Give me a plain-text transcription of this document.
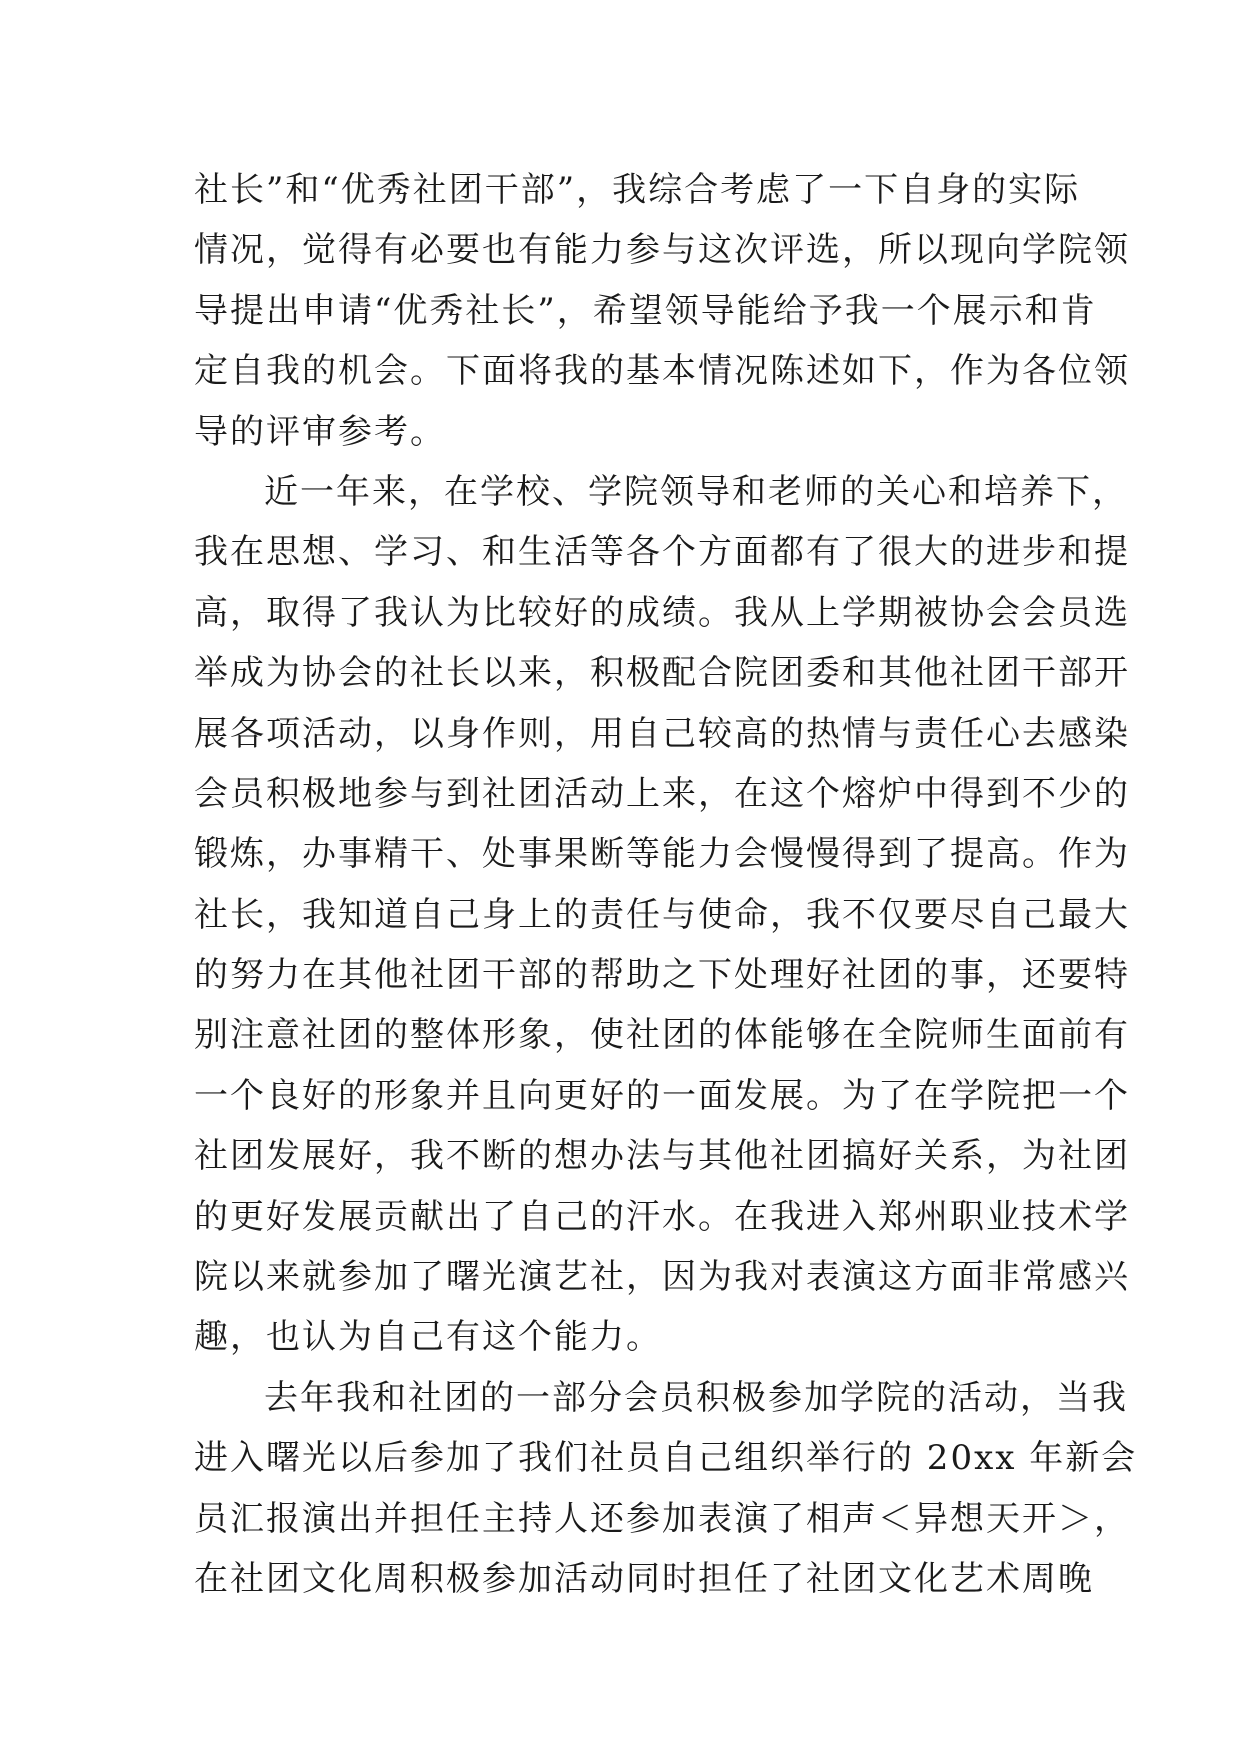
社长”和“优秀社团干部”，我综合考虑了一下自身的实际
情况，觉得有必要也有能力参与这次评选，所以现向学院领
导提出申请“优秀社长”，希望领导能给予我一个展示和肯
定自我的机会。下面将我的基本情况陈述如下，作为各位领
导的评审参考。
近一年来，在学校、学院领导和老师的关心和培养下，
我在思想、学习、和生活等各个方面都有了很大的进步和提
高，取得了我认为比较好的成绩。我从上学期被协会会员选
举成为协会的社长以来，积极配合院团委和其他社团干部开
展各项活动，以身作则，用自己较高的热情与责任心去感染
会员积极地参与到社团活动上来，在这个熔炉中得到不少的
锻炼，办事精干、处事果断等能力会慢慢得到了提高。作为
社长，我知道自己身上的责任与使命，我不仅要尽自己最大
的努力在其他社团干部的帮助之下处理好社团的事，还要特
别注意社团的整体形象，使社团的体能够在全院师生面前有
一个良好的形象并且向更好的一面发展。为了在学院把一个
社团发展好，我不断的想办法与其他社团搞好关系，为社团
的更好发展贡献出了自己的汗水。在我进入郑州职业技术学
院以来就参加了曙光演艺社，因为我对表演这方面非常感兴
趣，也认为自己有这个能力。
去年我和社团的一部分会员积极参加学院的活动，当我
进入曙光以后参加了我们社员自己组织举行的 20xx 年新会
员汇报演出并担任主持人还参加表演了相声＜异想天开＞，
在社团文化周积极参加活动同时担任了社团文化艺术周晚
